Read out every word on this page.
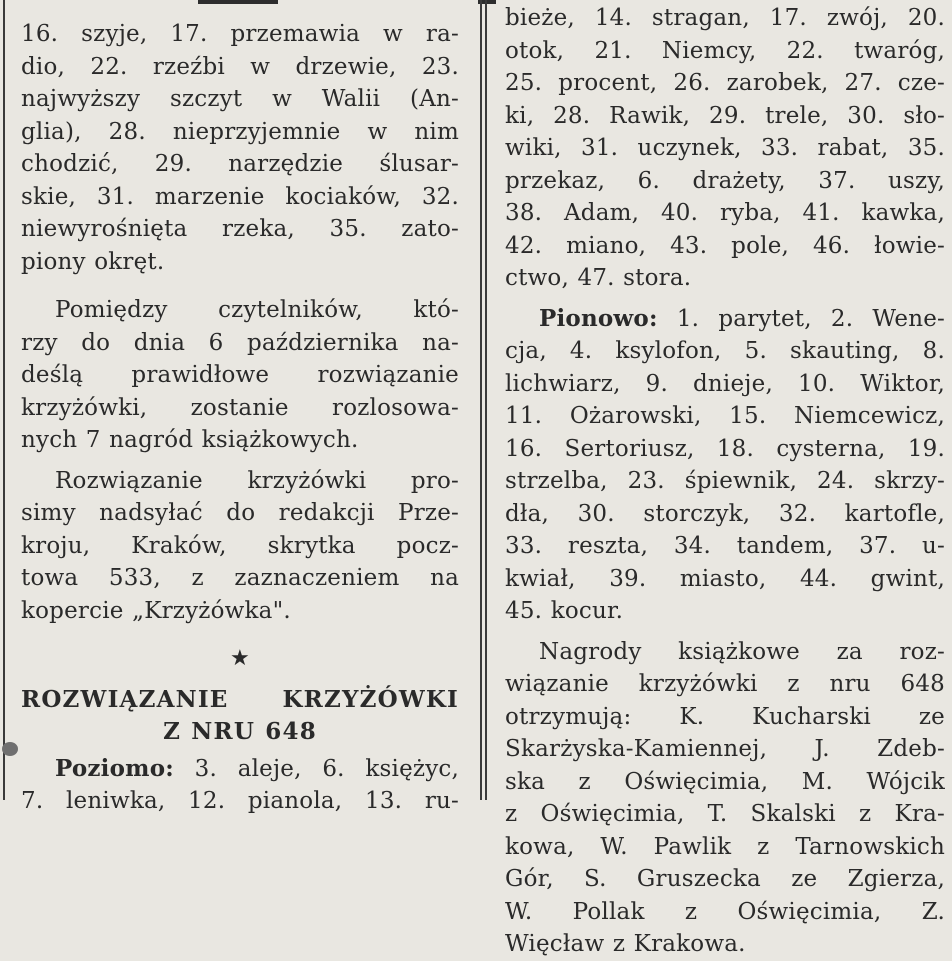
16. szyje, 17. przemawia w ra-
dio, 22. rzeźbi w drzewie, 23.
najwyższy szczyt w Walii (An-
glia), 28. nieprzyjemnie w nim
chodzić, 29. narzędzie ślusar-
skie, 31. marzenie kociaków, 32.
niewyrośnięta rzeka, 35. zato-
piony okręt.
Pomiędzy czytelników, któ-
rzy do dnia 6 października na-
deślą prawidłowe rozwiązanie
krzyżówki, zostanie rozlosowa-
nych 7 nagród książkowych.
Rozwiązanie krzyżówki pro-
simy nadsyłać do redakcji Prze-
kroju, Kraków, skrytka pocz-
towa 533, z zaznaczeniem na
kopercie „Krzyżówka".
★
ROZWIĄZANIE KRZYŻÓWKI
Z NRU 648
Poziomo: 3. aleje, 6. księżyc,
7. leniwka, 12. pianola, 13. ru-
bieże, 14. stragan, 17. zwój, 20.
otok, 21. Niemcy, 22. twaróg,
25. procent, 26. zarobek, 27. cze-
ki, 28. Rawik, 29. trele, 30. sło-
wiki, 31. uczynek, 33. rabat, 35.
przekaz, 6. drażety, 37. uszy,
38. Adam, 40. ryba, 41. kawka,
42. miano, 43. pole, 46. łowie-
ctwo, 47. stora.
Pionowo: 1. parytet, 2. Wene-
cja, 4. ksylofon, 5. skauting, 8.
lichwiarz, 9. dnieje, 10. Wiktor,
11. Ożarowski, 15. Niemcewicz,
16. Sertoriusz, 18. cysterna, 19.
strzelba, 23. śpiewnik, 24. skrzy-
dła, 30. storczyk, 32. kartofle,
33. reszta, 34. tandem, 37. u-
kwiał, 39. miasto, 44. gwint,
45. kocur.
Nagrody książkowe za roz-
wiązanie krzyżówki z nru 648
otrzymują: K. Kucharski ze
Skarżyska-Kamiennej, J. Zdeb-
ska z Oświęcimia, M. Wójcik
z Oświęcimia, T. Skalski z Kra-
kowa, W. Pawlik z Tarnowskich
Gór, S. Gruszecka ze Zgierza,
W. Pollak z Oświęcimia, Z.
Więcław z Krakowa.
